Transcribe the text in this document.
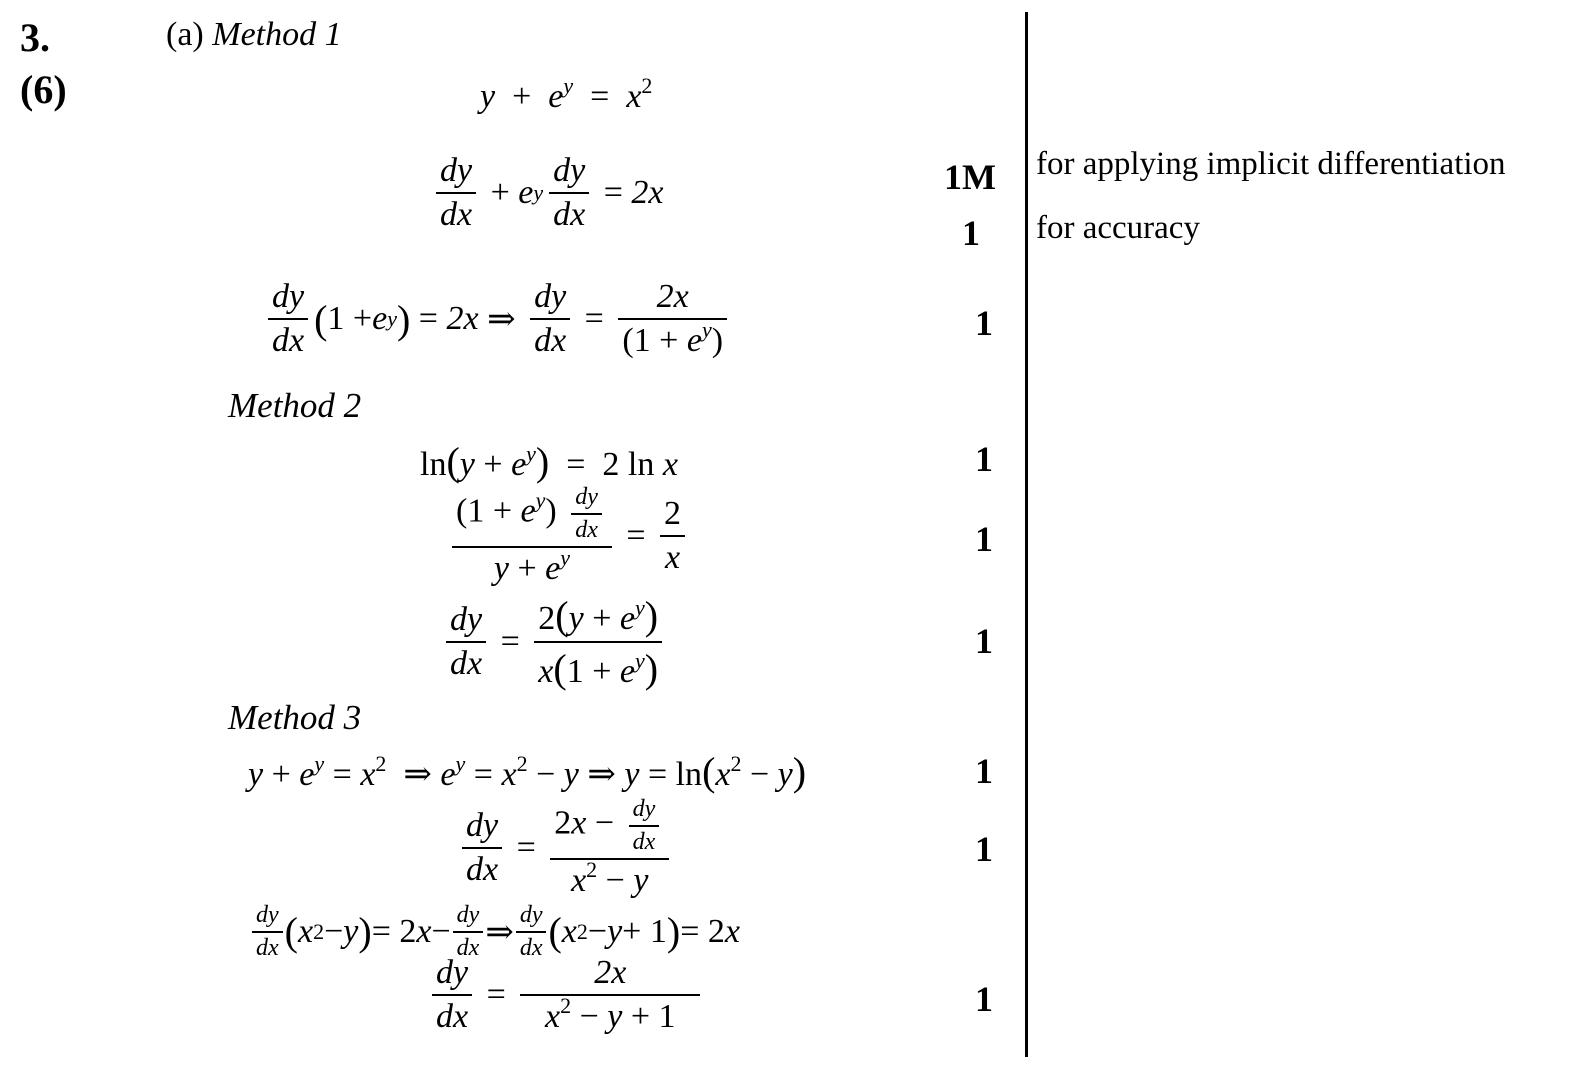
3.
(6)
(a) Method 1
$y + e^y = x^2$
$\frac{dy}{dx} + e$ y $\frac{dy}{dx} = 2x$
$\frac{dy}{dx}$ ( 1 + e y ) = 2x ⇒ $\frac{dy}{dx} = \frac{2x}{(1 + e^y)}$
Method 2
$\ln(y + e^y) = 2$ ln x
$\frac{(1 + e^y) \frac{dy}{dx}}{y + e^y} = \frac{2}{x}$
$\frac{dy}{dx} = \frac{2(y + e^y)}{x(1 + e^y)}$
Method 3
$y + e^y = x^2$  ⇒ $e^y = x^2 - y$ ⇒ $y = \ln(x^2 - y)$
$\frac{dy}{dx} = \frac{2x - \frac{dy}{dx}}{x^2 - y}$
$\frac{dy}{dx}$ ( x 2 − y ) = 2 $x - \frac{dy}{dx}$ ⇒ $\frac{dy}{dx}$ ( x 2 − y + 1 ) = 2 x
$\frac{dy}{dx} = \frac{2x}{x^2 - y + 1}$
1M
1
1
1
1
1
1
1
1
for applying implicit differentiation
for accuracy
